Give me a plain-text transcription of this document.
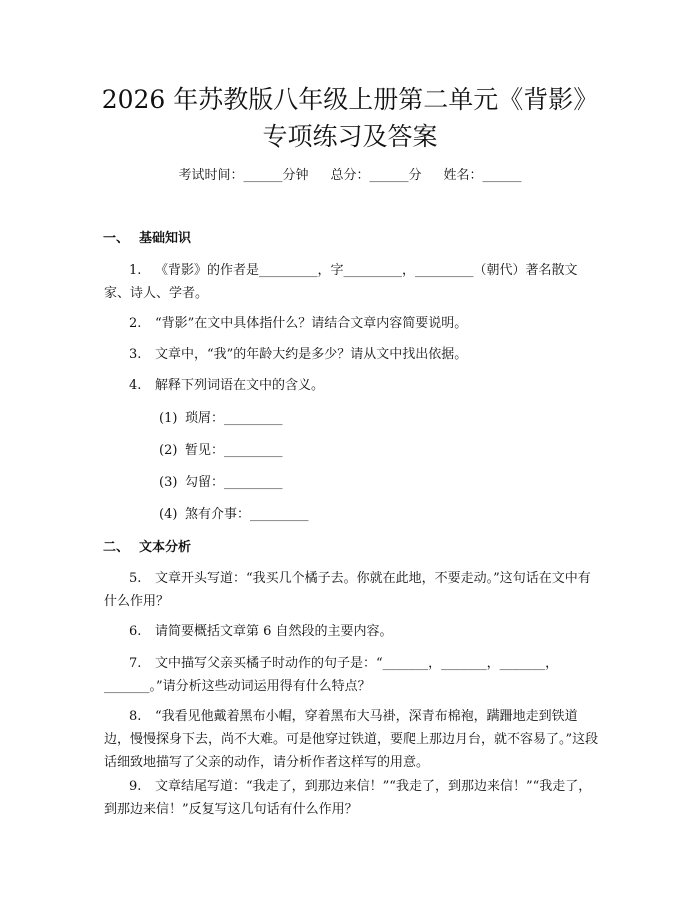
2026 年苏教版八年级上册第二单元《背影》
专项练习及答案
考试时间：______分钟 总分：______分 姓名：______
一、 基础知识
1. 《背影》的作者是_________，字_________，_________（朝代）著名散文家、诗人、学者。
2. “背影”在文中具体指什么？请结合文章内容简要说明。
3. 文章中，“我”的年龄大约是多少？请从文中找出依据。
4. 解释下列词语在文中的含义。
(1) 琐屑：_________
(2) 暂见：_________
(3) 勾留：_________
(4) 煞有介事：_________
二、 文本分析
5. 文章开头写道：“我买几个橘子去。你就在此地，不要走动。”这句话在文中有什么作用？
6. 请简要概括文章第 6 自然段的主要内容。
7. 文中描写父亲买橘子时动作的句子是：“_______，_______，_______，_______。”请分析这些动词运用得有什么特点？
8. “我看见他戴着黑布小帽，穿着黑布大马褂，深青布棉袍，蹒跚地走到铁道边，慢慢探身下去，尚不大难。可是他穿过铁道，要爬上那边月台，就不容易了。”这段话细致地描写了父亲的动作，请分析作者这样写的用意。
9. 文章结尾写道：“我走了，到那边来信！”“我走了，到那边来信！”“我走了，到那边来信！”反复写这几句话有什么作用？
